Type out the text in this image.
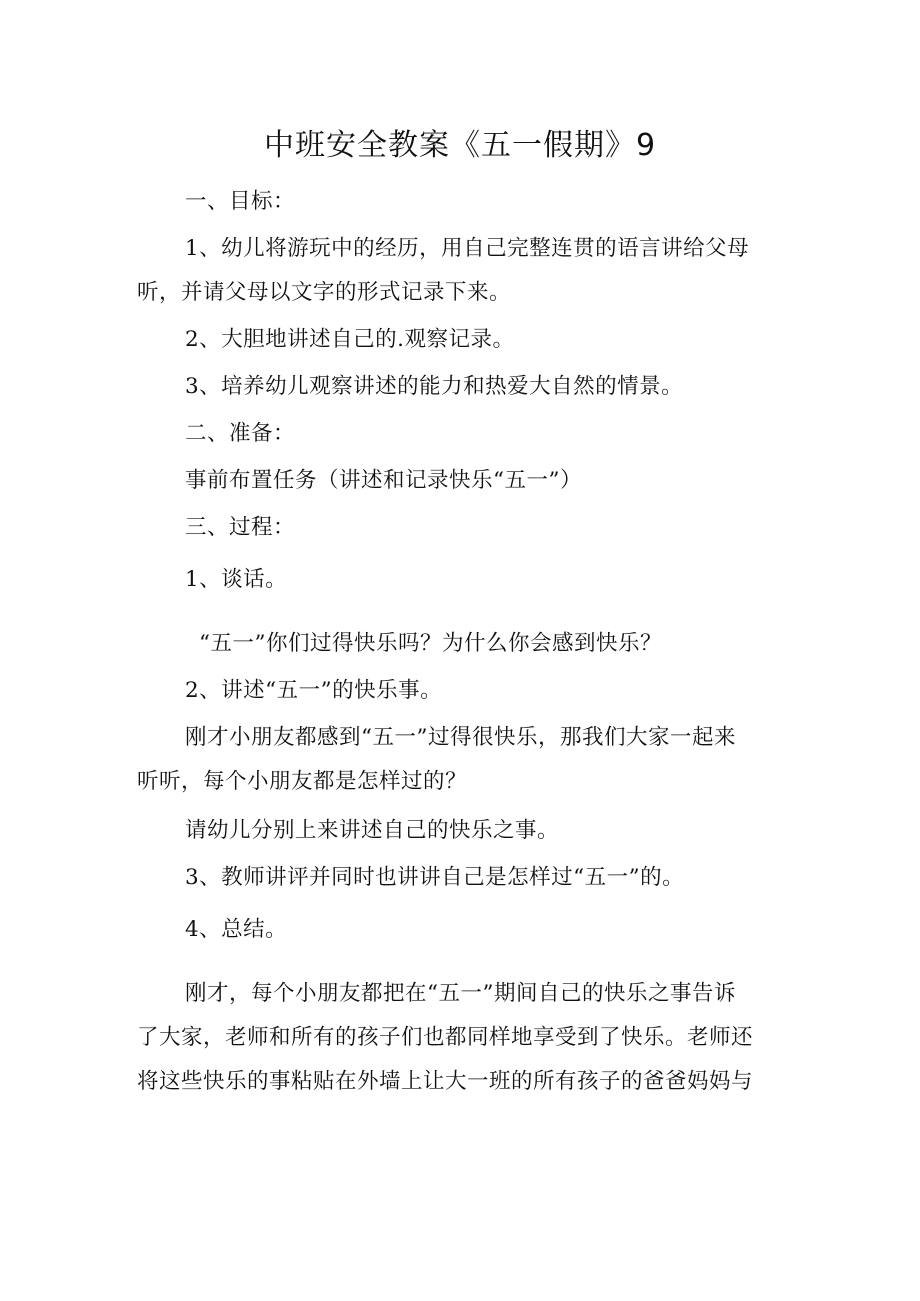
中班安全教案《五一假期》9

一、目标：

1、幼儿将游玩中的经历，用自己完整连贯的语言讲给父母
听，并请父母以文字的形式记录下来。

2、大胆地讲述自己的.观察记录。

3、培养幼儿观察讲述的能力和热爱大自然的情景。

二、准备：

事前布置任务（讲述和记录快乐“五一”）

三、过程：

1、谈话。

“五一”你们过得快乐吗？为什么你会感到快乐？

2、讲述“五一”的快乐事。

刚才小朋友都感到“五一”过得很快乐，那我们大家一起来
听听，每个小朋友都是怎样过的？

请幼儿分别上来讲述自己的快乐之事。

3、教师讲评并同时也讲讲自己是怎样过“五一”的。

4、总结。

刚才，每个小朋友都把在“五一”期间自己的快乐之事告诉
了大家，老师和所有的孩子们也都同样地享受到了快乐。老师还
将这些快乐的事粘贴在外墙上让大一班的所有孩子的爸爸妈妈与
